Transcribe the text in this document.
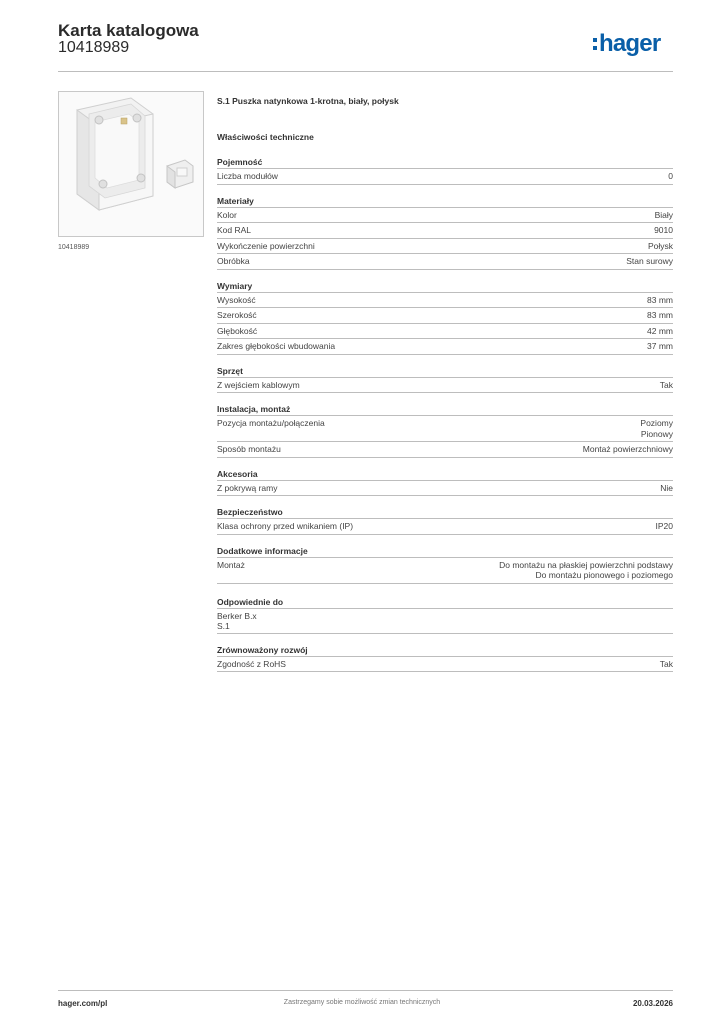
Karta katalogowa
10418989	hager
10418989
S.1 Puszka natynkowa 1-krotna, biały, połysk
Właściwości techniczne
Pojemność
Liczba modułów	0
Materiały
Kolor	Biały
Kod RAL	9010
Wykończenie powierzchni	Połysk
Obróbka	Stan surowy
Wymiary
Wysokość	83 mm
Szerokość	83 mm
Głębokość	42 mm
Zakres głębokości wbudowania	37 mm
Sprzęt
Z wejściem kablowym	Tak
Instalacja, montaż
Pozycja montażu/połączenia	Poziomy
Pionowy
Sposób montażu	Montaż powierzchniowy
Akcesoria
Z pokrywą ramy	Nie
Bezpieczeństwo
Klasa ochrony przed wnikaniem (IP)	IP20
Dodatkowe informacje
Montaż	Do montażu na płaskiej powierzchni podstawy
Do montażu pionowego i poziomego
Odpowiednie do
Berker B.x
S.1
Zrównoważony rozwój
Zgodność z RoHS	Tak
hager.com/pl	Zastrzegamy sobie możliwość zmian technicznych	20.03.2026
